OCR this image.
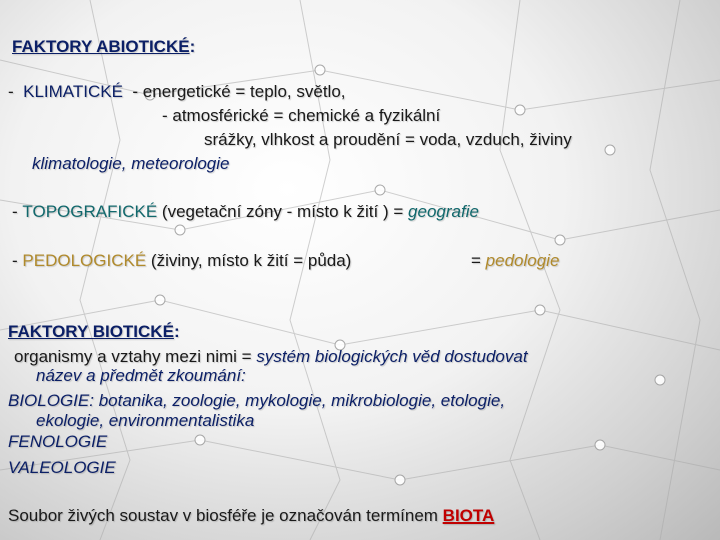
FAKTORY ABIOTICKÉ:
- KLIMATICKÉ - energetické = teplo, světlo,
- atmosférické = chemické a fyzikální
srážky, vlhkost a proudění = voda, vzduch, živiny
klimatologie, meteorologie
- TOPOGRAFICKÉ (vegetační zóny - místo k žití ) = geografie
- PEDOLOGICKÉ (živiny, místo k žití = půda)	= pedologie
FAKTORY BIOTICKÉ:
organismy a vztahy mezi nimi = systém biologických věd dostudovat
název a předmět zkoumání:
BIOLOGIE: botanika, zoologie, mykologie, mikrobiologie, etologie,
ekologie, environmentalistika
FENOLOGIE
VALEOLOGIE
Soubor živých soustav v biosféře je označován termínem BIOTA
